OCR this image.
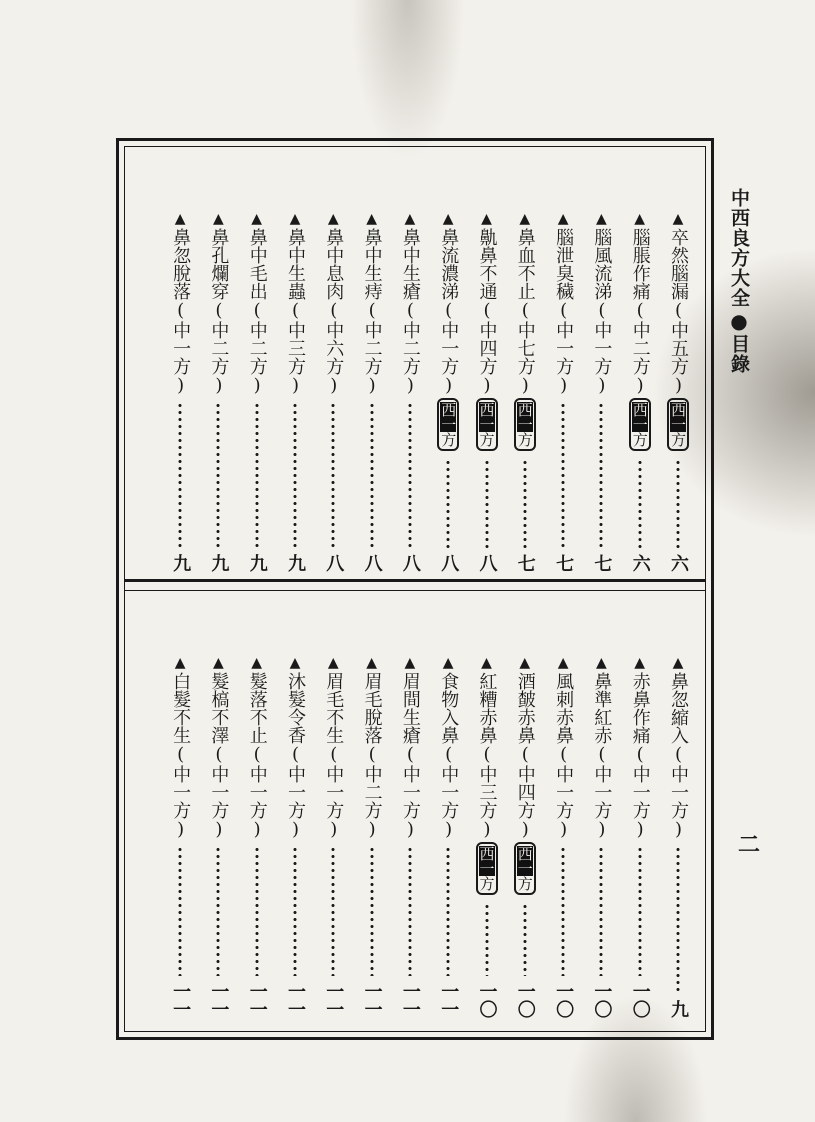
中西良方大全
●
目錄
二
▲
卒然腦漏
(中五方)
西一方
六
▲
腦脹作痛
(中二方)
西一方
六
▲
腦風流涕
(中一方)
七
▲
腦泄臭穢
(中一方)
七
▲
鼻血不止
(中七方)
西一方
七
▲
鼽鼻不通
(中四方)
西一方
八
▲
鼻流濃涕
(中一方)
西一方
八
▲
鼻中生瘡
(中二方)
八
▲
鼻中生痔
(中二方)
八
▲
鼻中息肉
(中六方)
八
▲
鼻中生蟲
(中三方)
九
▲
鼻中毛出
(中二方)
九
▲
鼻孔爛穿
(中二方)
九
▲
鼻忽脫落
(中一方)
九
▲
鼻忽縮入
(中一方)
九
▲
赤鼻作痛
(中一方)
一〇
▲
鼻準紅赤
(中一方)
一〇
▲
風刺赤鼻
(中一方)
一〇
▲
酒皶赤鼻
(中四方)
西一方
一〇
▲
紅糟赤鼻
(中三方)
西一方
一〇
▲
食物入鼻
(中一方)
一一
▲
眉間生瘡
(中一方)
一一
▲
眉毛脫落
(中二方)
一一
▲
眉毛不生
(中一方)
一一
▲
沐髮令香
(中一方)
一一
▲
髮落不止
(中一方)
一一
▲
髮槁不澤
(中一方)
一一
▲
白髮不生
(中一方)
一一
